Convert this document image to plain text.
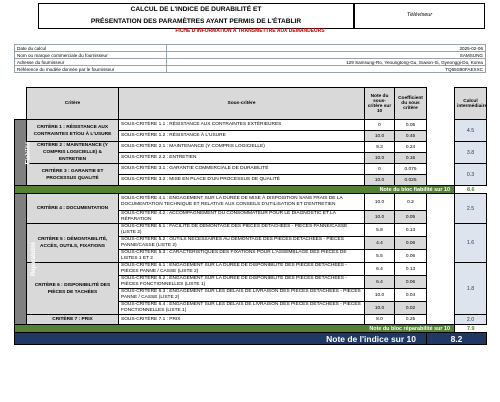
CALCUL DE L'INDICE DE DURABILITÉ ET
PRÉSENTATION DES PARAMÈTRES AYANT PERMIS DE L'ÉTABLIR
Téléviseur
FICHE D'INFORMATION À TRANSMETTRE AUX DEMANDEURS
Date du calcul	2025-02-06
Nom ou marque commerciale du fournisseur	SAMSUNG
Adresse du fournisseur	129 Samsung-Ro, Yeoungtong-Gu, Suwon-Si, Gyeonggi-Do, Korea
Référence du modèle donnée par le fournisseur	TQ65S90FAEXXC
	Critère	Sous-critère	Note du sous-critère sur 10	Coefficient du sous critère		Calcul intermédiaire
Fiabilité	CRITÈRE 1 : RÉSISTANCE AUX CONTRAINTES ET/OU À L'USURE	SOUS-CRITÈRE 1.1 : RÉSISTANCE AUX CONTRAINTES EXTÉRIEURES	0	0.05		4.5
		SOUS-CRITÈRE 1.2 : RÉSISTANCE À L'USURE	10.0	0.45		
	CRITÈRE 2 : MAINTENANCE (Y COMPRIS LOGICIELLE) & ENTRETIEN	SOUS-CRITÈRE 2.1 : MAINTENANCE (Y COMPRIS LOGICIELLE)	9.3	0.24		3.8
		SOUS-CRITÈRE 2.2 : ENTRETIEN	10.0	0.16		
	CRITÈRE 3 : GARANTIE ET PROCESSUS QUALITÉ	SOUS-CRITÈRE 3.1 : GARANTIE COMMERCIALE DE DURABILITÉ	0	0.075		0.3
		SOUS-CRITÈRE 3.2 : MISE EN PLACE D'UN PROCESSUS DE QUALITÉ	10.0	0.025		
Note du bloc fiabilité sur 10						8.6
Réparabilité	CRITÈRE 4 : DOCUMENTATION	SOUS-CRITÈRE 4.1 : ENGAGEMENT SUR LA DURÉE DE MISE À DISPOSITION SANS FRAIS DE LA DOCUMENTATION TECHNIQUE ET RELATIVE AUX CONSEILS D'UTILISATION ET D'ENTRETIEN	10.0	0.2		2.5
		SOUS-CRITÈRE 4.2 : ACCOMPAGNEMENT DU CONSOMMATEUR POUR LE DIAGNOSTIC ET LA RÉPARATION	10.0	0.05		
	CRITÈRE 5 : DÉMONTABILITÉ, ACCÈS, OUTILS, FIXATIONS	SOUS-CRITÈRE 5.1 : FACILITÉ DE DÉMONTAGE DES PIÈCES DÉTACHÉES - PIÈCES PANNE/CASSE (LISTE 2)	5.8	0.13		1.6
		SOUS-CRITÈRE 5.2 : OUTILS NÉCESSAIRES AU DÉMONTAGE DES PIÈCES DÉTACHÉES - PIÈCES PANNE/CASSE (LISTE 2)	4.4	0.06		
		SOUS-CRITÈRE 5.3 : CARACTÉRISTIQUES DES FIXATIONS POUR L'ASSEMBLAGE DES PIÈCES DE LISTES 1 ET 2	5.5	0.06		
	CRITÈRE 6 : DISPONIBILITÉ DES PIÈCES DE TACHÉES	SOUS-CRITÈRE 6.1 : ENGAGEMENT SUR LA DURÉE DE DISPONIBILITÉ DES PIÈCES DÉTACHÉES - PIÈCES PANNE / CASSE (LISTE 2)	6.4	0.13		1.8
		SOUS-CRITÈRE 6.2 : ENGAGEMENT SUR LA DURÉE DE DISPONIBILITÉ DES PIÈCES DÉTACHÉES - PIÈCES FONCTIONNELLES (LISTE 1)	6.4	0.06		
		SOUS-CRITÈRE 6.3 : ENGAGEMENT SUR LES DÉLAIS DE LIVRAISON DES PIÈCES DÉTACHÉES - PIÈCES PANNE / CASSE (LISTE 2)	10.0	0.04		
		SOUS-CRITÈRE 6.4 : ENGAGEMENT SUR LES DÉLAIS DE LIVRAISON DES PIÈCES DÉTACHÉES - PIÈCES FONCTIONNELLES (LISTE 1)	10.0	0.02		
	CRITÈRE 7 : PRIX	SOUS-CRITÈRE 7.1 : PRIX	8.0	0.25		2.0
Note du bloc réparabilité sur 10						7.9
Note de l'indice sur 10					8.2	
